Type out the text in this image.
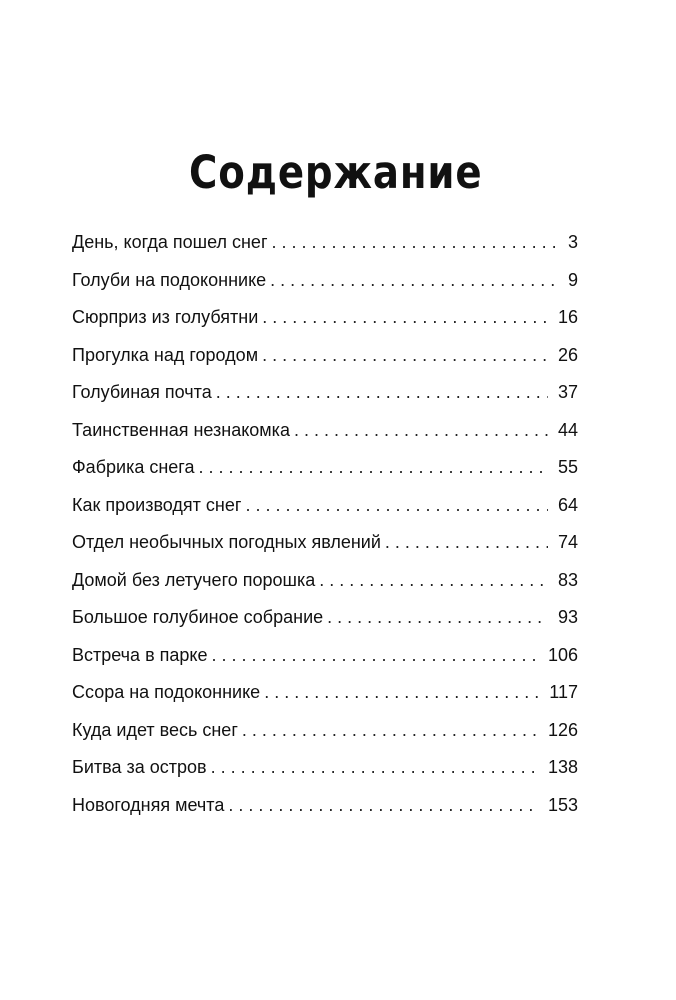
Содержание
День, когда пошел снег . . .	3
Голуби на подоконнике . . .	9
Сюрприз из голубятни . . .	16
Прогулка над городом . . .	26
Голубиная почта . . .	37
Таинственная незнакомка . . .	44
Фабрика снега . . .	55
Как производят снег . . .	64
Отдел необычных погодных явлений . . .	74
Домой без летучего порошка . . .	83
Большое голубиное собрание . . .	93
Встреча в парке . . .	106
Ссора на подоконнике . . .	117
Куда идет весь снег . . .	126
Битва за остров . . .	138
Новогодняя мечта . . .	153
